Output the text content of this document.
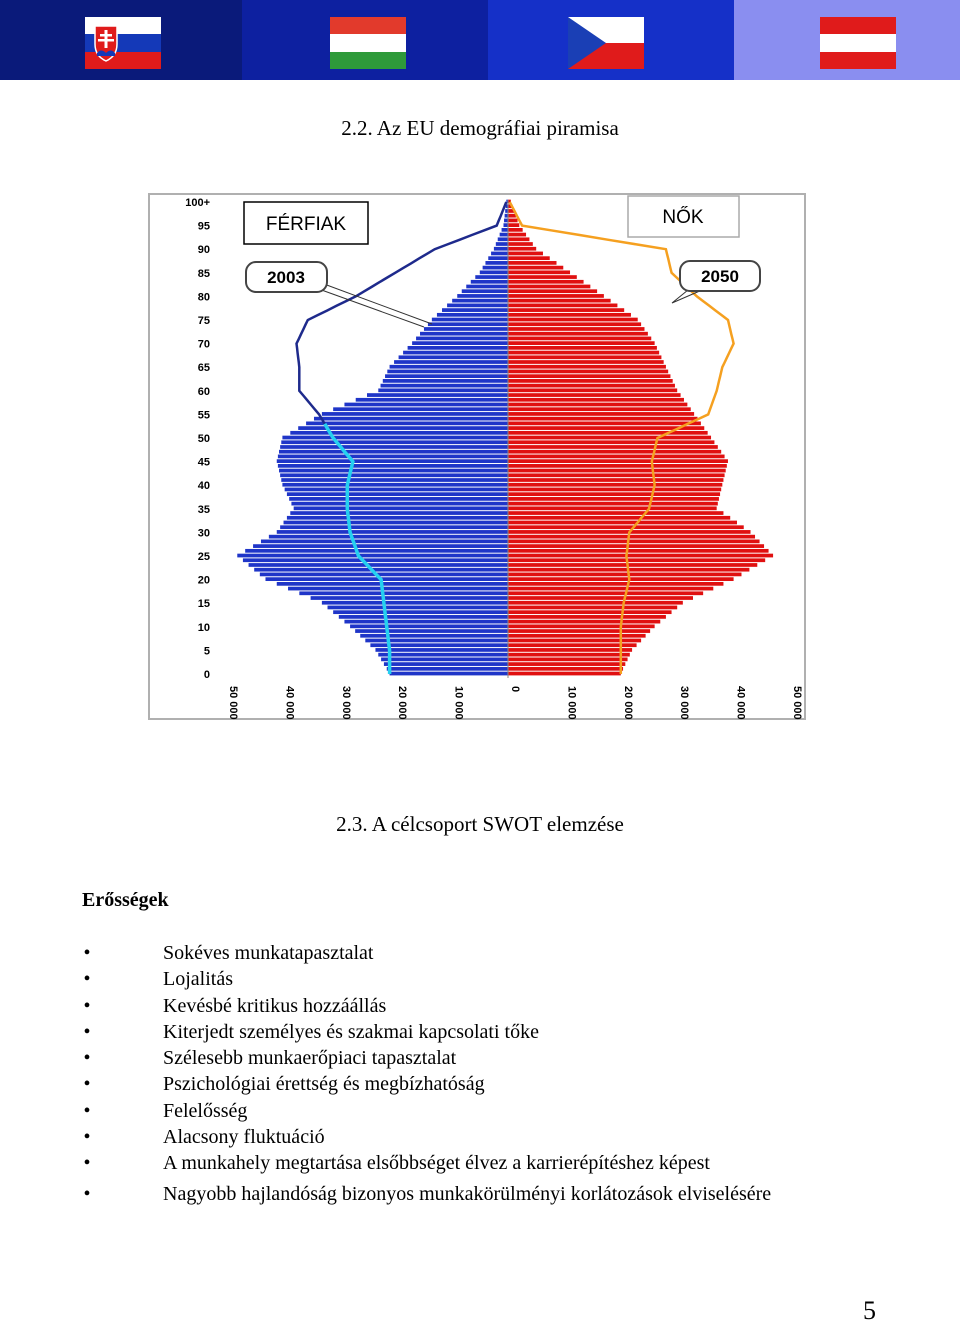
2.2. Az EU demográfiai piramisa
100+
95
90
85
80
75
70
65
60
55
50
45
40
35
30
25
20
15
10
5
0
50 000	40 000	30 000	20 000	10 000	0	10 000	20 000	30 000	40 000	50 000
FÉRFIAK	NŐK
2003	2050
2.3. A célcsoport SWOT elemzése
Erősségek
•	Sokéves munkatapasztalat
•	Lojalitás
•	Kevésbé kritikus hozzáállás
•	Kiterjedt személyes és szakmai kapcsolati tőke
•	Szélesebb munkaerőpiaci tapasztalat
•	Pszichológiai érettség és megbízhatóság
•	Felelősség
•	Alacsony fluktuáció
•	A munkahely megtartása elsőbbséget élvez a karrierépítéshez képest
•	Nagyobb hajlandóság bizonyos munkakörülményi korlátozások elviselésére
5
